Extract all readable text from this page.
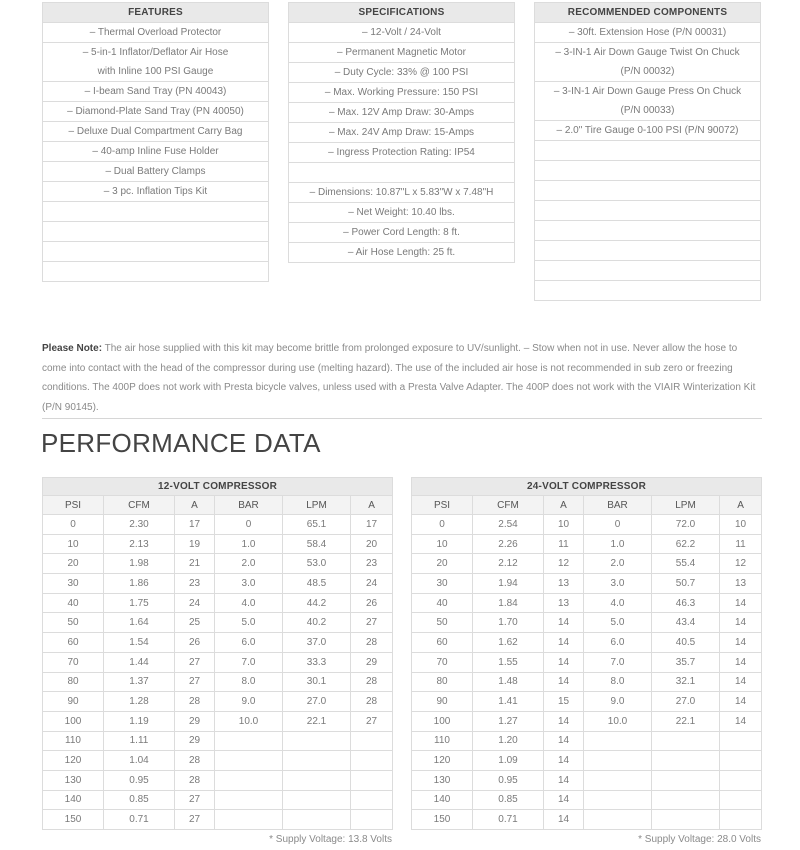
FEATURES
– Thermal Overload Protector

– 5-in-1 Inflator/Deflator Air Hose
with Inline 100 PSI Gauge

– I-beam Sand Tray (PN 40043)
– Diamond-Plate Sand Tray (PN 40050)
– Deluxe Dual Compartment Carry Bag
– 40-amp Inline Fuse Holder
– Dual Battery Clamps
– 3 pc. Inflation Tips Kit

SPECIFICATIONS
– 12-Volt / 24-Volt
– Permanent Magnetic Motor
– Duty Cycle: 33% @ 100 PSI
– Max. Working Pressure: 150 PSI
– Max. 12V Amp Draw: 30-Amps
– Max. 24V Amp Draw: 15-Amps
– Ingress Protection Rating: IP54

– Dimensions: 10.87"L x 5.83"W x 7.48"H
– Net Weight: 10.40 lbs.
– Power Cord Length: 8 ft.
– Air Hose Length: 25 ft.
RECOMMENDED COMPONENTS
– 30ft. Extension Hose (P/N 00031)

– 3-IN-1 Air Down Gauge Twist On Chuck
(P/N 00032)

– 3-IN-1 Air Down Gauge Press On Chuck
(P/N 00033)

– 2.0" Tire Gauge 0-100 PSI (P/N 90072)

Please Note: The air hose supplied with this kit may become brittle from prolonged exposure to UV/sunlight. – Stow when not in use. Never allow the hose to come into contact with the head of the compressor during use (melting hazard). The use of the included air hose is not recommended in sub zero or freezing conditions. The 400P does not work with Presta bicycle valves, unless used with a Presta Valve Adapter. The 400P does not work with the VIAIR Winterization Kit (P/N 90145).

PERFORMANCE DATA
12-VOLT COMPRESSOR					
PSI	CFM	A	BAR	LPM	A
0	2.30	17	0	65.1	17
10	2.13	19	1.0	58.4	20
20	1.98	21	2.0	53.0	23
30	1.86	23	3.0	48.5	24
40	1.75	24	4.0	44.2	26
50	1.64	25	5.0	40.2	27
60	1.54	26	6.0	37.0	28
70	1.44	27	7.0	33.3	29
80	1.37	27	8.0	30.1	28
90	1.28	28	9.0	27.0	28
100	1.19	29	10.0	22.1	27
110	1.11	29			
120	1.04	28			
130	0.95	28			
140	0.85	27			
150	0.71	27			
* Supply Voltage: 13.8 Volts
24-VOLT COMPRESSOR					
PSI	CFM	A	BAR	LPM	A
0	2.54	10	0	72.0	10
10	2.26	11	1.0	62.2	11
20	2.12	12	2.0	55.4	12
30	1.94	13	3.0	50.7	13
40	1.84	13	4.0	46.3	14
50	1.70	14	5.0	43.4	14
60	1.62	14	6.0	40.5	14
70	1.55	14	7.0	35.7	14
80	1.48	14	8.0	32.1	14
90	1.41	15	9.0	27.0	14
100	1.27	14	10.0	22.1	14
110	1.20	14			
120	1.09	14			
130	0.95	14			
140	0.85	14			
150	0.71	14			
* Supply Voltage: 28.0 Volts
